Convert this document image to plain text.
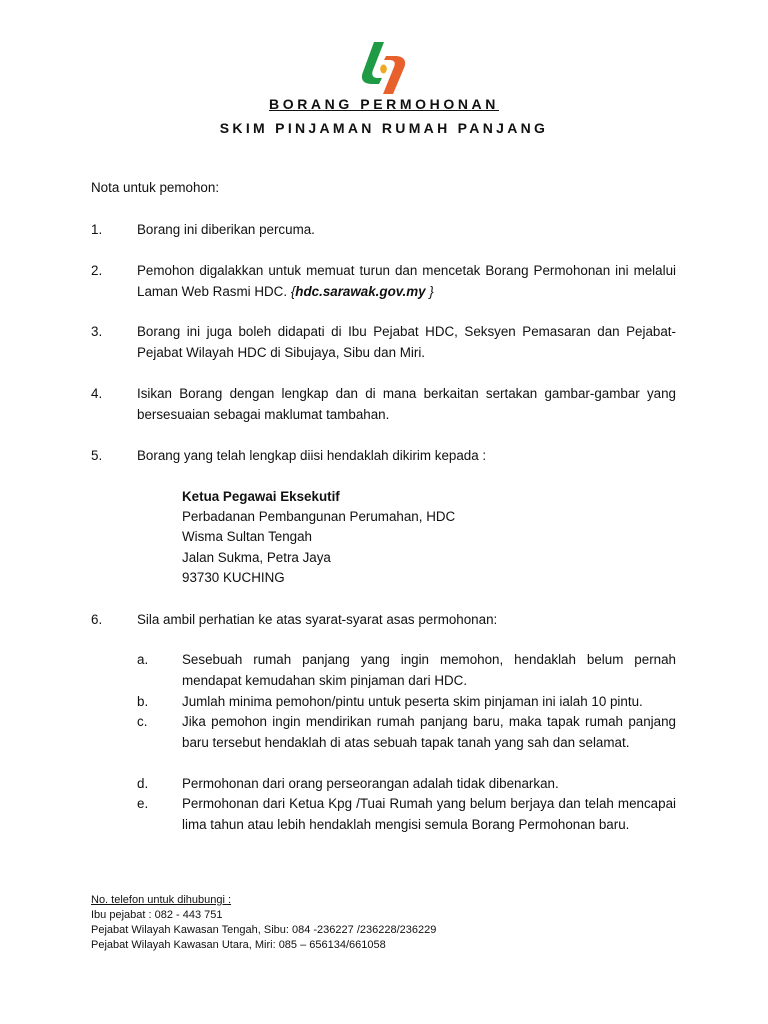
BORANG PERMOHONAN
SKIM PINJAMAN RUMAH PANJANG
Nota untuk pemohon:
1.	Borang ini diberikan percuma.
2.	Pemohon digalakkan untuk memuat turun dan mencetak Borang Permohonan ini melalui Laman Web Rasmi HDC. {hdc.sarawak.gov.my }
3.	Borang ini juga boleh didapati di Ibu Pejabat HDC, Seksyen Pemasaran dan Pejabat-Pejabat Wilayah HDC di Sibujaya, Sibu dan Miri.
4.	Isikan Borang dengan lengkap dan di mana berkaitan sertakan gambar-gambar yang bersesuaian sebagai maklumat tambahan.
5.	Borang yang telah lengkap diisi hendaklah dikirim kepada :
Ketua Pegawai Eksekutif
Perbadanan Pembangunan Perumahan, HDC
Wisma Sultan Tengah
Jalan Sukma, Petra Jaya
93730 KUCHING
6.	Sila ambil perhatian ke atas syarat-syarat asas permohonan:
a.	Sesebuah rumah panjang yang ingin memohon, hendaklah belum pernah mendapat kemudahan skim pinjaman dari HDC.
b.	Jumlah minima pemohon/pintu untuk peserta skim pinjaman ini ialah 10 pintu.
c.	Jika pemohon ingin mendirikan rumah panjang baru, maka tapak rumah panjang baru tersebut hendaklah di atas sebuah tapak tanah yang sah dan selamat.
d.	Permohonan dari orang perseorangan adalah tidak dibenarkan.
e.	Permohonan dari Ketua Kpg /Tuai Rumah yang belum berjaya dan telah mencapai lima tahun atau lebih hendaklah mengisi semula Borang Permohonan baru.
No. telefon untuk dihubungi :
Ibu pejabat : 082 - 443 751
Pejabat Wilayah Kawasan Tengah, Sibu: 084 -236227 /236228/236229
Pejabat Wilayah Kawasan Utara, Miri: 085 – 656134/661058
